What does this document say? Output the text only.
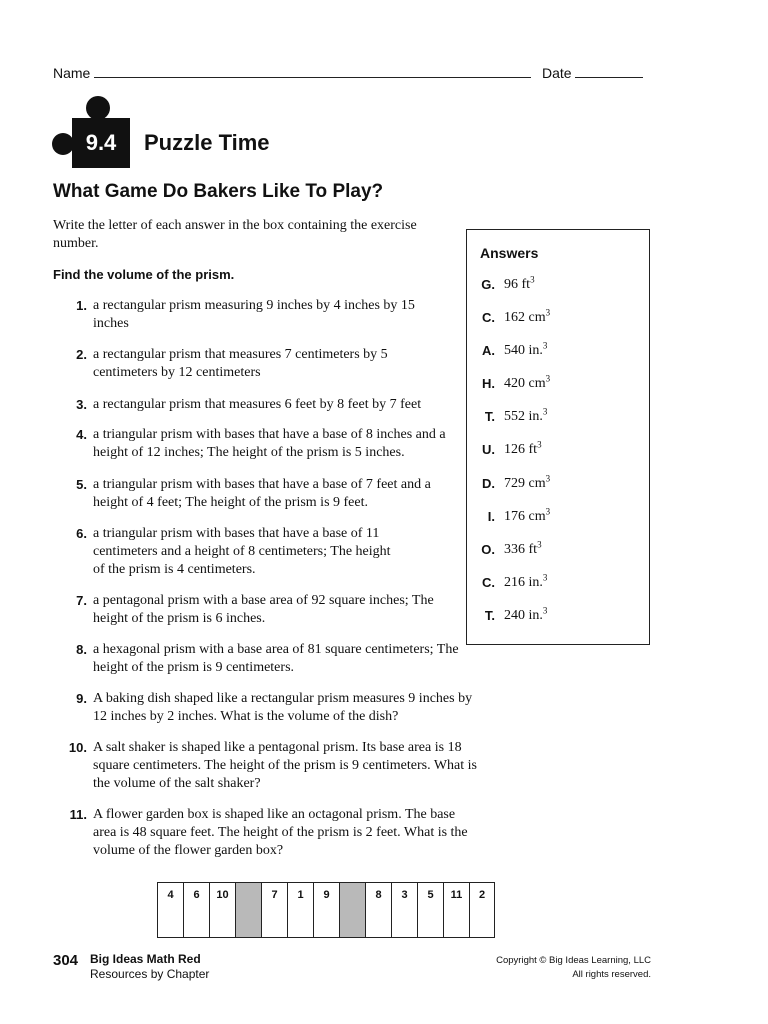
Name	Date
9.4	Puzzle Time
What Game Do Bakers Like To Play?
Write the letter of each answer in the box containing the exercise number.
Find the volume of the prism.
1. a rectangular prism measuring 9 inches by 4 inches by 15 inches
2. a rectangular prism that measures 7 centimeters by 5 centimeters by 12 centimeters
3. a rectangular prism that measures 6 feet by 8 feet by 7 feet
4. a triangular prism with bases that have a base of 8 inches and a height of 12 inches; The height of the prism is 5 inches.
5. a triangular prism with bases that have a base of 7 feet and a height of 4 feet; The height of the prism is 9 feet.
6. a triangular prism with bases that have a base of 11 centimeters and a height of 8 centimeters; The height of the prism is 4 centimeters.
7. a pentagonal prism with a base area of 92 square inches; The height of the prism is 6 inches.
8. a hexagonal prism with a base area of 81 square centimeters; The height of the prism is 9 centimeters.
9. A baking dish shaped like a rectangular prism measures 9 inches by 12 inches by 2 inches. What is the volume of the dish?
10. A salt shaker is shaped like a pentagonal prism. Its base area is 18 square centimeters. The height of the prism is 9 centimeters. What is the volume of the salt shaker?
11. A flower garden box is shaped like an octagonal prism. The base area is 48 square feet. The height of the prism is 2 feet. What is the volume of the flower garden box?
Answers
G. 96 $ft^3$
C. 162 $cm^3$
A. 540 in.$^3$
H. 420 $cm^3$
T. 552 in.$^3$
U. 126 $ft^3$
D. 729 $cm^3$
I. 176 $cm^3$
O. 336 $ft^3$
C. 216 in.$^3$
T. 240 in.$^3$
4	6	10	7	1	9	8	3	5	11	2
304 Big Ideas Math Red
Resources by Chapter
Copyright © Big Ideas Learning, LLC
All rights reserved.
